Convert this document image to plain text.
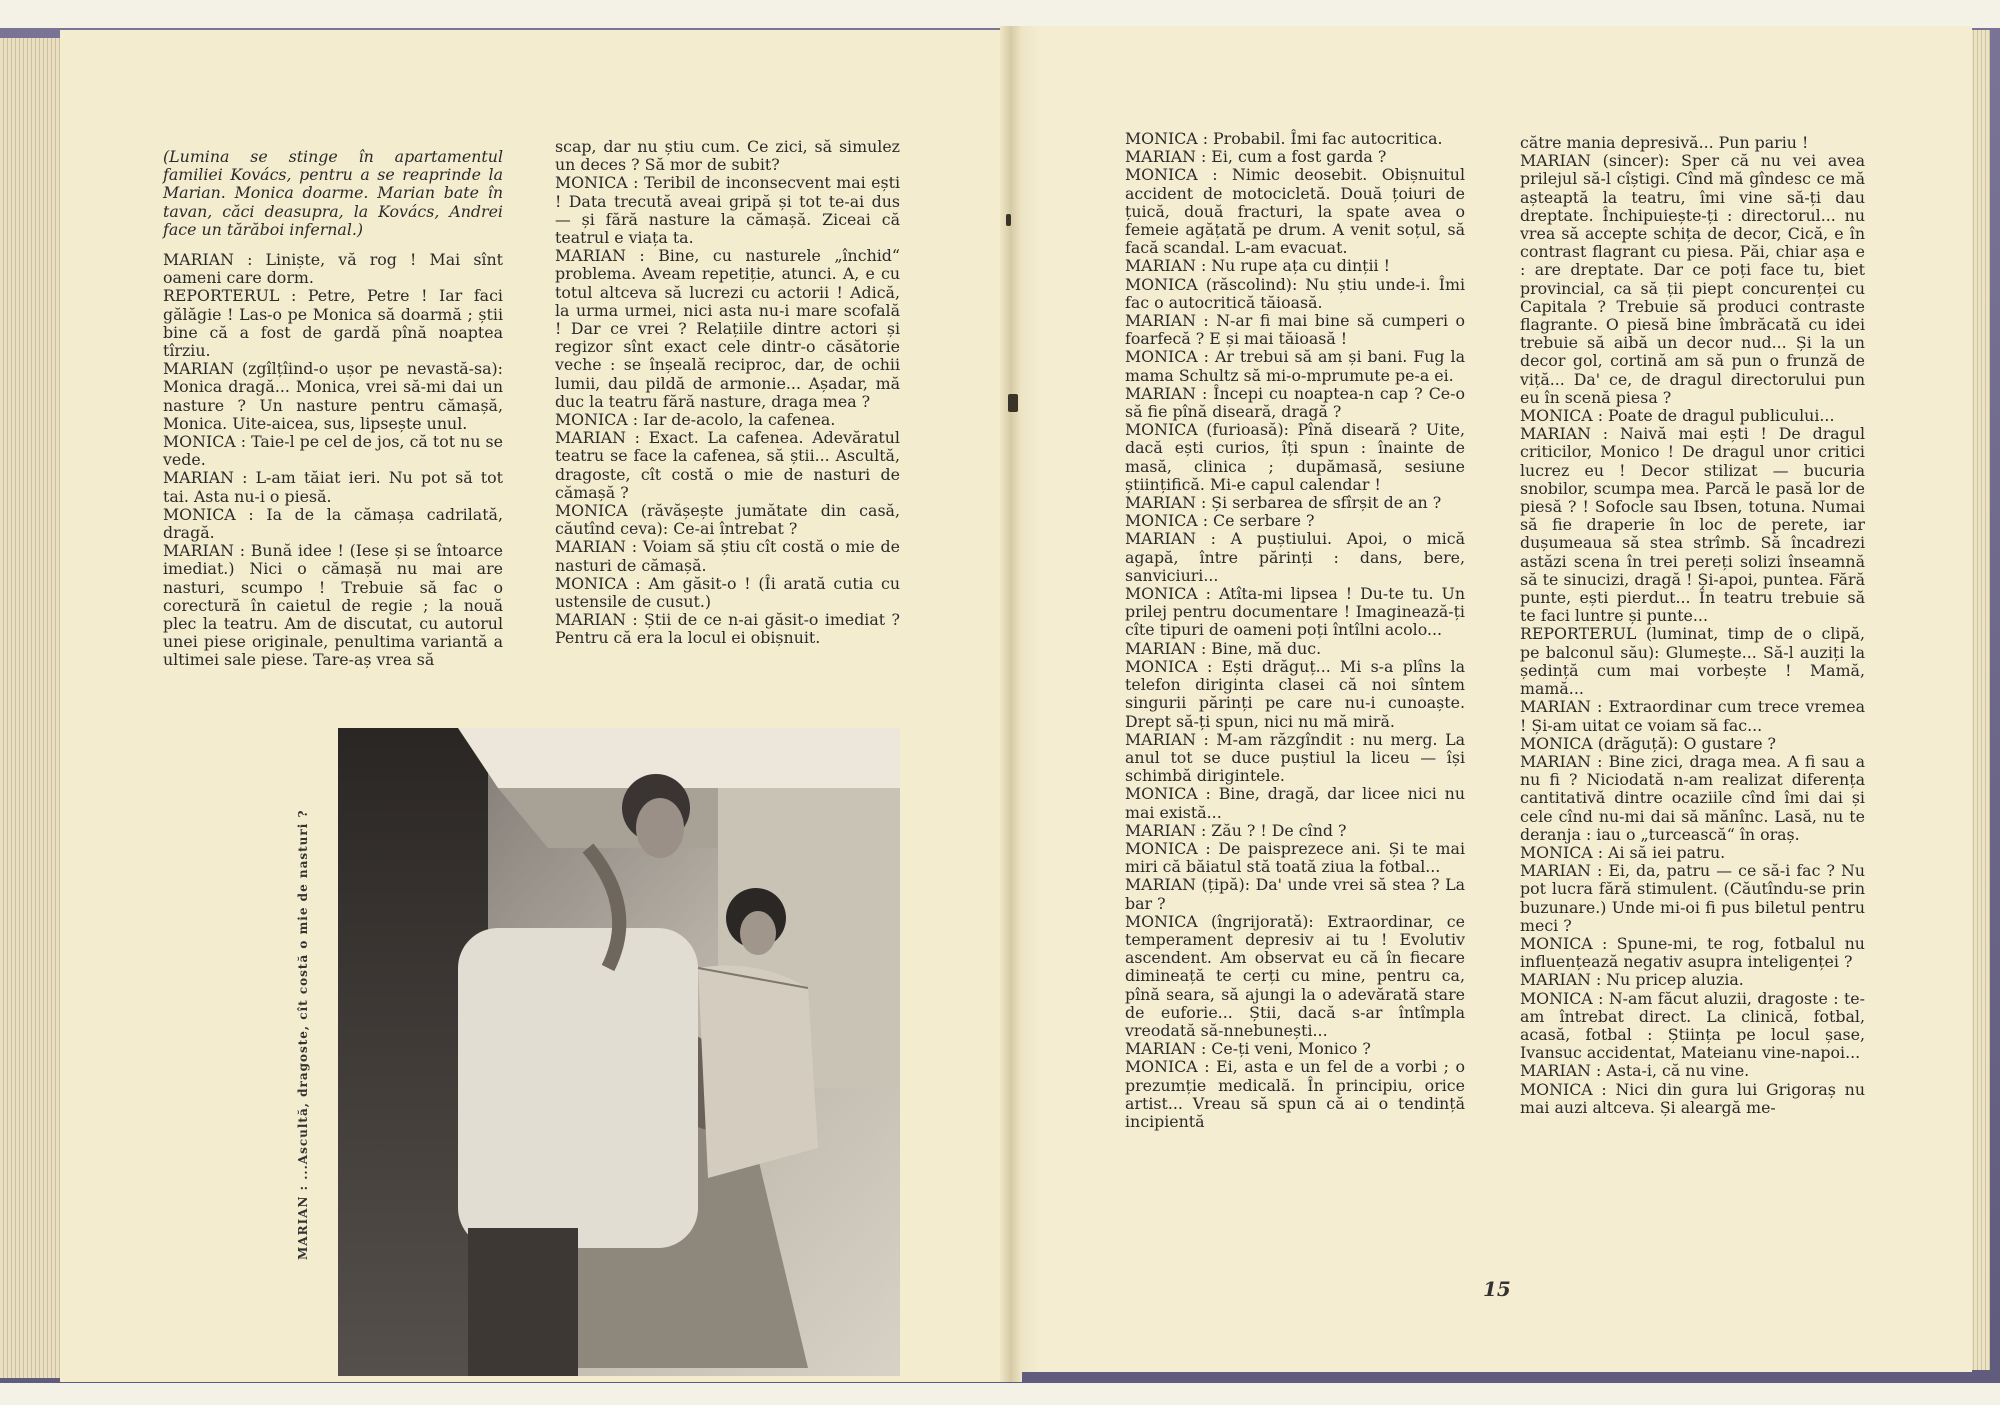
(Lumina se stinge în apartamentul familiei Kovács, pentru a se reaprinde la Marian. Monica doarme. Marian bate în tavan, căci deasupra, la Kovács, Andrei face un tărăboi infernal.)

MARIAN : Liniște, vă rog ! Mai sînt oameni care dorm.

REPORTERUL : Petre, Petre ! Iar faci gălăgie ! Las-o pe Monica să doarmă ; știi bine că a fost de gardă pînă noaptea tîrziu.

MARIAN (zgîlțîind-o ușor pe nevastă-sa): Monica dragă... Monica, vrei să-mi dai un nasture ? Un nasture pentru cămașă, Monica. Uite-aicea, sus, lipsește unul.

MONICA : Taie-l pe cel de jos, că tot nu se vede.

MARIAN : L-am tăiat ieri. Nu pot să tot tai. Asta nu-i o piesă.

MONICA : Ia de la cămașa cadrilată, dragă.

MARIAN : Bună idee ! (Iese și se întoarce imediat.) Nici o cămașă nu mai are nasturi, scumpo ! Trebuie să fac o corectură în caietul de regie ; la nouă plec la teatru. Am de discutat, cu autorul unei piese originale, penultima variantă a ultimei sale piese. Tare-aș vrea să

scap, dar nu știu cum. Ce zici, să simulez un deces ? Să mor de subit?

MONICA : Teribil de inconsecvent mai ești ! Data trecută aveai gripă și tot te-ai dus — și fără nasture la cămașă. Ziceai că teatrul e viața ta.

MARIAN : Bine, cu nasturele „închid“ problema. Aveam repetiție, atunci. A, e cu totul altceva să lucrezi cu actorii ! Adică, la urma urmei, nici asta nu-i mare scofală ! Dar ce vrei ? Relațiile dintre actori și regizor sînt exact cele dintr-o căsătorie veche : se înșeală reciproc, dar, de ochii lumii, dau pildă de armonie... Așadar, mă duc la teatru fără nasture, draga mea ?

MONICA : Iar de-acolo, la cafenea.

MARIAN : Exact. La cafenea. Adevăratul teatru se face la cafenea, să știi... Ascultă, dragoste, cît costă o mie de nasturi de cămașă ?

MONICA (răvășește jumătate din casă, căutînd ceva): Ce-ai întrebat ?

MARIAN : Voiam să știu cît costă o mie de nasturi de cămașă.

MONICA : Am găsit-o ! (Îi arată cutia cu ustensile de cusut.)

MARIAN : Știi de ce n-ai găsit-o imediat ? Pentru că era la locul ei obișnuit.

MONICA : Probabil. Îmi fac autocritica.

MARIAN : Ei, cum a fost garda ?

MONICA : Nimic deosebit. Obișnuitul accident de motocicletă. Două țoiuri de țuică, două fracturi, la spate avea o femeie agățată pe drum. A venit soțul, să facă scandal. L-am evacuat.

MARIAN : Nu rupe ața cu dinții !

MONICA (răscolind): Nu știu unde-i. Îmi fac o autocritică tăioasă.

MARIAN : N-ar fi mai bine să cumperi o foarfecă ? E și mai tăioasă !

MONICA : Ar trebui să am și bani. Fug la mama Schultz să mi-o-mprumute pe-a ei.

MARIAN : Începi cu noaptea-n cap ? Ce-o să fie pînă diseară, dragă ?

MONICA (furioasă): Pînă diseară ? Uite, dacă ești curios, îți spun : înainte de masă, clinica ; dupămasă, sesiune științifică. Mi-e capul calendar !

MARIAN : Și serbarea de sfîrșit de an ?

MONICA : Ce serbare ?

MARIAN : A puștiului. Apoi, o mică agapă, între părinți : dans, bere, sanviciuri...

MONICA : Atîta-mi lipsea ! Du-te tu. Un prilej pentru documentare ! Imaginează-ți cîte tipuri de oameni poți întîlni acolo...

MARIAN : Bine, mă duc.

MONICA : Ești drăguț... Mi s-a plîns la telefon diriginta clasei că noi sîntem singurii părinți pe care nu-i cunoaște. Drept să-ți spun, nici nu mă miră.

MARIAN : M-am răzgîndit : nu merg. La anul tot se duce puștiul la liceu — își schimbă dirigintele.

MONICA : Bine, dragă, dar licee nici nu mai există...

MARIAN : Zău ? ! De cînd ?

MONICA : De paisprezece ani. Și te mai miri că băiatul stă toată ziua la fotbal...

MARIAN (țipă): Da' unde vrei să stea ? La bar ?

MONICA (îngrijorată): Extraordinar, ce temperament depresiv ai tu ! Evolutiv ascendent. Am observat eu că în fiecare dimineață te cerți cu mine, pentru ca, pînă seara, să ajungi la o adevărată stare de euforie... Știi, dacă s-ar întîmpla vreodată să-nnebunești...

MARIAN : Ce-ți veni, Monico ?

MONICA : Ei, asta e un fel de a vorbi ; o prezumție medicală. În principiu, orice artist... Vreau să spun că ai o tendință incipientă

către mania depresivă... Pun pariu !

MARIAN (sincer): Sper că nu vei avea prilejul să-l cîștigi. Cînd mă gîndesc ce mă așteaptă la teatru, îmi vine să-ți dau dreptate. Închipuiește-ți : directorul... nu vrea să accepte schița de decor, Cică, e în contrast flagrant cu piesa. Păi, chiar așa e : are dreptate. Dar ce poți face tu, biet provincial, ca să ții piept concurenței cu Capitala ? Trebuie să produci contraste flagrante. O piesă bine îmbrăcată cu idei trebuie să aibă un decor nud... Și la un decor gol, cortină am să pun o frunză de viță... Da' ce, de dragul directorului pun eu în scenă piesa ?

MONICA : Poate de dragul publicului...

MARIAN : Naivă mai ești ! De dragul criticilor, Monico ! De dragul unor critici lucrez eu ! Decor stilizat — bucuria snobilor, scumpa mea. Parcă le pasă lor de piesă ? ! Sofocle sau Ibsen, totuna. Numai să fie draperie în loc de perete, iar dușumeaua să stea strîmb. Să încadrezi astăzi scena în trei pereți solizi înseamnă să te sinucizi, dragă ! Și-apoi, puntea. Fără punte, ești pierdut... În teatru trebuie să te faci luntre și punte...

REPORTERUL (luminat, timp de o clipă, pe balconul său): Glumește... Să-l auziți la ședință cum mai vorbește ! Mamă, mamă...

MARIAN : Extraordinar cum trece vremea ! Și-am uitat ce voiam să fac...

MONICA (drăguță): O gustare ?

MARIAN : Bine zici, draga mea. A fi sau a nu fi ? Niciodată n-am realizat diferența cantitativă dintre ocaziile cînd îmi dai și cele cînd nu-mi dai să mănînc. Lasă, nu te deranja : iau o „turcească“ în oraș.

MONICA : Ai să iei patru.

MARIAN : Ei, da, patru — ce să-i fac ? Nu pot lucra fără stimulent. (Căutîndu-se prin buzunare.) Unde mi-oi fi pus biletul pentru meci ?

MONICA : Spune-mi, te rog, fotbalul nu influențează negativ asupra inteligenței ?

MARIAN : Nu pricep aluzia.

MONICA : N-am făcut aluzii, dragoste : te-am întrebat direct. La clinică, fotbal, acasă, fotbal : Știința pe locul șase, Ivansuc accidentat, Mateianu vine-napoi...

MARIAN : Asta-i, că nu vine.

MONICA : Nici din gura lui Grigoraș nu mai auzi altceva. Și aleargă me-

MARIAN : ...Ascultă, dragoste, cît costă o mie de nasturi ?
15
